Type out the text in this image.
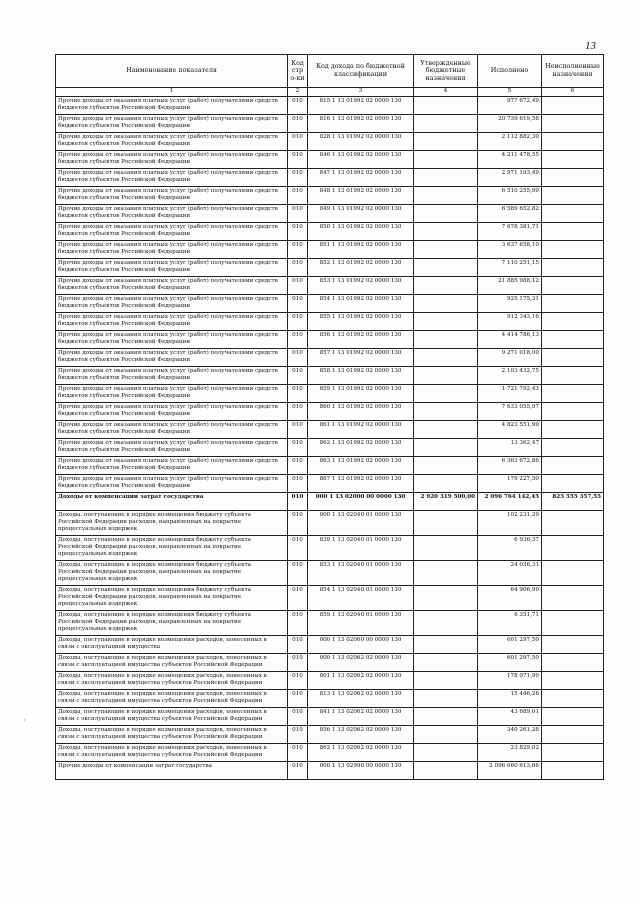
13
Наименование показателя	Код стро-ки	Код дохода по бюджетной классификации	Утвержденные бюджетные назначения	Исполнено	Неисполненные назначения
1	2	3	4	5	6
Прочие доходы от оказания платных услуг (работ) получателями средств бюджетов субъектов Российской Федерации	010	815 1 13 01992 02 0000 130		977 672,49	
Прочие доходы от оказания платных услуг (работ) получателями средств бюджетов субъектов Российской Федерации	010	816 1 13 01992 02 0000 130		20 739 619,58	
Прочие доходы от оказания платных услуг (работ) получателями средств бюджетов субъектов Российской Федерации	010	828 1 13 01992 02 0000 130		2 112 882,30	
Прочие доходы от оказания платных услуг (работ) получателями средств бюджетов субъектов Российской Федерации	010	846 1 13 01992 02 0000 130		4 211 478,55	
Прочие доходы от оказания платных услуг (работ) получателями средств бюджетов субъектов Российской Федерации	010	847 1 13 01992 02 0000 130		2 971 193,49	
Прочие доходы от оказания платных услуг (работ) получателями средств бюджетов субъектов Российской Федерации	010	848 1 13 01992 02 0000 130		6 510 255,99	
Прочие доходы от оказания платных услуг (работ) получателями средств бюджетов субъектов Российской Федерации	010	849 1 13 01992 02 0000 130		6 589 652,82	
Прочие доходы от оказания платных услуг (работ) получателями средств бюджетов субъектов Российской Федерации	010	850 1 13 01992 02 0000 130		7 678 381,71	
Прочие доходы от оказания платных услуг (работ) получателями средств бюджетов субъектов Российской Федерации	010	851 1 13 01992 02 0000 130		3 637 658,10	
Прочие доходы от оказания платных услуг (работ) получателями средств бюджетов субъектов Российской Федерации	010	852 1 13 01992 02 0000 130		7 110 251,15	
Прочие доходы от оказания платных услуг (работ) получателями средств бюджетов субъектов Российской Федерации	010	853 1 13 01992 02 0000 130		21 885 988,12	
Прочие доходы от оказания платных услуг (работ) получателями средств бюджетов субъектов Российской Федерации	010	854 1 13 01992 02 0000 130		925 175,31	
Прочие доходы от оказания платных услуг (работ) получателями средств бюджетов субъектов Российской Федерации	010	855 1 13 01992 02 0000 130		912 343,16	
Прочие доходы от оказания платных услуг (работ) получателями средств бюджетов субъектов Российской Федерации	010	856 1 13 01992 02 0000 130		4 414 786,13	
Прочие доходы от оказания платных услуг (работ) получателями средств бюджетов субъектов Российской Федерации	010	857 1 13 01992 02 0000 130		9 271 018,00	
Прочие доходы от оказания платных услуг (работ) получателями средств бюджетов субъектов Российской Федерации	010	858 1 13 01992 02 0000 130		2 103 432,75	
Прочие доходы от оказания платных услуг (работ) получателями средств бюджетов субъектов Российской Федерации	010	859 1 13 01992 02 0000 130		1 721 792,43	
Прочие доходы от оказания платных услуг (работ) получателями средств бюджетов субъектов Российской Федерации	010	860 1 13 01992 02 0000 130		7 633 055,07	
Прочие доходы от оказания платных услуг (работ) получателями средств бюджетов субъектов Российской Федерации	010	861 1 13 01992 02 0000 130		4 823 551,99	
Прочие доходы от оказания платных услуг (работ) получателями средств бюджетов субъектов Российской Федерации	010	862 1 13 01992 02 0000 130		13 362,47	
Прочие доходы от оказания платных услуг (работ) получателями средств бюджетов субъектов Российской Федерации	010	863 1 13 01992 02 0000 130		6 363 672,86	
Прочие доходы от оказания платных услуг (работ) получателями средств бюджетов субъектов Российской Федерации	010	867 1 13 01992 02 0000 130		179 227,50	
Доходы от компенсации затрат государства	010	000 1 13 02000 00 0000 130	2 920 319 500,00	2 096 764 142,45	823 555 357,55
Доходы, поступающие в порядке возмещения бюджету субъекта Российской Федерации расходов, направленных на покрытие процессуальных издержек	010	000 1 13 02040 01 0000 130		102 231,29	
Доходы, поступающие в порядке возмещения бюджету субъекта Российской Федерации расходов, направленных на покрытие процессуальных издержек	010	839 1 13 02040 01 0000 130		6 936,37	
Доходы, поступающие в порядке возмещения бюджету субъекта Российской Федерации расходов, направленных на покрытие процессуальных издержек	010	853 1 13 02040 01 0000 130		24 036,31	
Доходы, поступающие в порядке возмещения бюджету субъекта Российской Федерации расходов, направленных на покрытие процессуальных издержек	010	854 1 13 02040 01 0000 130		64 906,90	
Доходы, поступающие в порядке возмещения бюджету субъекта Российской Федерации расходов, направленных на покрытие процессуальных издержек	010	859 1 13 02040 01 0000 130		6 351,71	
Доходы, поступающие в порядке возмещения расходов, понесенных в связи с эксплуатацией имущества	010	000 1 13 02060 00 0000 130		601 297,50	
Доходы, поступающие в порядке возмещения расходов, понесенных в связи с эксплуатацией имущества субъектов Российской Федерации	010	000 1 13 02062 02 0000 130		601 297,50	
Доходы, поступающие в порядке возмещения расходов, понесенных в связи с эксплуатацией имущества субъектов Российской Федерации	010	801 1 13 02062 02 0000 130		178 071,99	
Доходы, поступающие в порядке возмещения расходов, понесенных в связи с эксплуатацией имущества субъектов Российской Федерации	010	813 1 13 02062 02 0000 130		15 446,26	
Доходы, поступающие в порядке возмещения расходов, понесенных в связи с эксплуатацией имущества субъектов Российской Федерации	010	841 1 13 02062 02 0000 130		43 689,01	
Доходы, поступающие в порядке возмещения расходов, понесенных в связи с эксплуатацией имущества субъектов Российской Федерации	010	856 1 13 02062 02 0000 130		340 261,28	
Доходы, поступающие в порядке возмещения расходов, понесенных в связи с эксплуатацией имущества субъектов Российской Федерации	010	862 1 13 02062 02 0000 130		23 829,02	
Прочие доходы от компенсации затрат государства	010	000 1 13 02990 00 0000 130		2 096 060 613,66	
·
